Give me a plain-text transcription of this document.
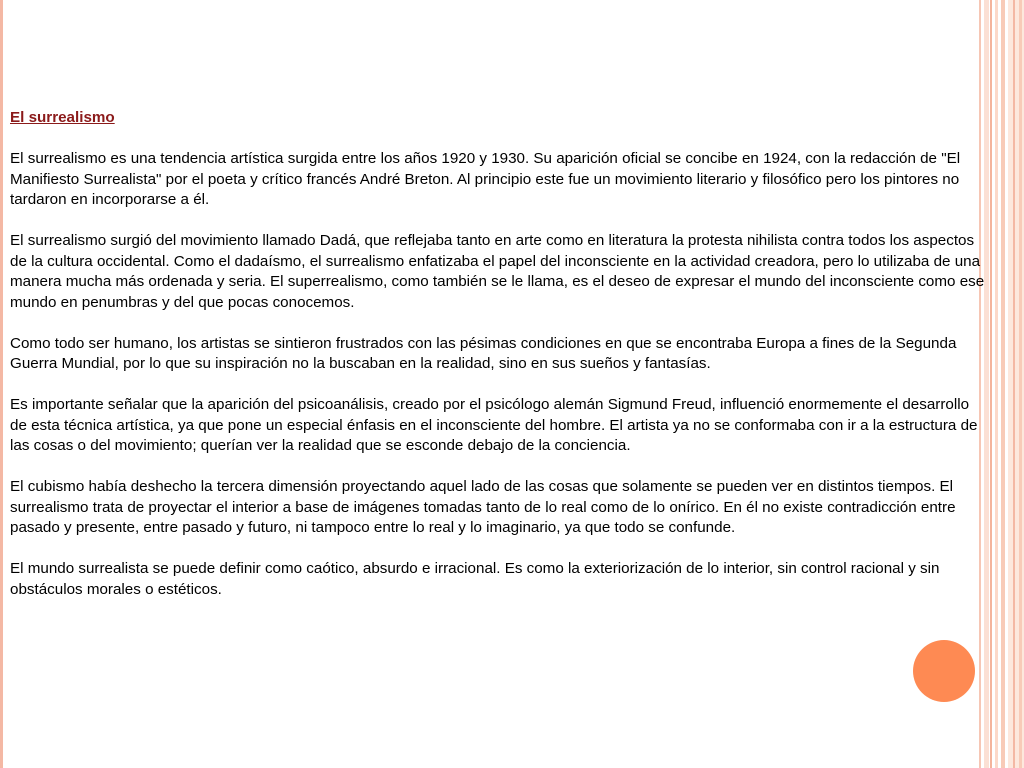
El surrealismo

El surrealismo es una tendencia artística surgida entre los años 1920 y 1930. Su aparición oficial se concibe en 1924, con la redacción de "El Manifiesto Surrealista" por el poeta y crítico francés André Breton. Al principio este fue un movimiento literario y filosófico pero los pintores no tardaron en incorporarse a él.

El surrealismo surgió del movimiento llamado Dadá, que reflejaba tanto en arte como en literatura la protesta nihilista contra todos los aspectos de la cultura occidental. Como el dadaísmo, el surrealismo enfatizaba el papel del inconsciente en la actividad creadora, pero lo utilizaba de una manera mucha más ordenada y seria. El superrealismo, como también se le llama, es el deseo de expresar el mundo del inconsciente como ese mundo en penumbras y del que pocas conocemos.

Como todo ser humano, los artistas se sintieron frustrados con las pésimas condiciones en que se encontraba Europa a fines de la Segunda Guerra Mundial, por lo que su inspiración no la buscaban en la realidad, sino en sus sueños y fantasías.

Es importante señalar que la aparición del psicoanálisis, creado por el psicólogo alemán Sigmund Freud, influenció enormemente el desarrollo de esta técnica artística, ya que pone un especial énfasis en el inconsciente del hombre. El artista ya no se conformaba con ir a la estructura de las cosas o del movimiento; querían ver la realidad que se esconde debajo de la conciencia.

El cubismo había deshecho la tercera dimensión proyectando aquel lado de las cosas que solamente se pueden ver en distintos tiempos. El surrealismo trata de proyectar el interior a base de imágenes tomadas tanto de lo real como de lo onírico. En él no existe contradicción entre pasado y presente, entre pasado y futuro, ni tampoco entre lo real y lo imaginario, ya que todo se confunde.

El mundo surrealista se puede definir como caótico, absurdo e irracional. Es como la exteriorización de lo interior, sin control racional y sin obstáculos morales o estéticos.
